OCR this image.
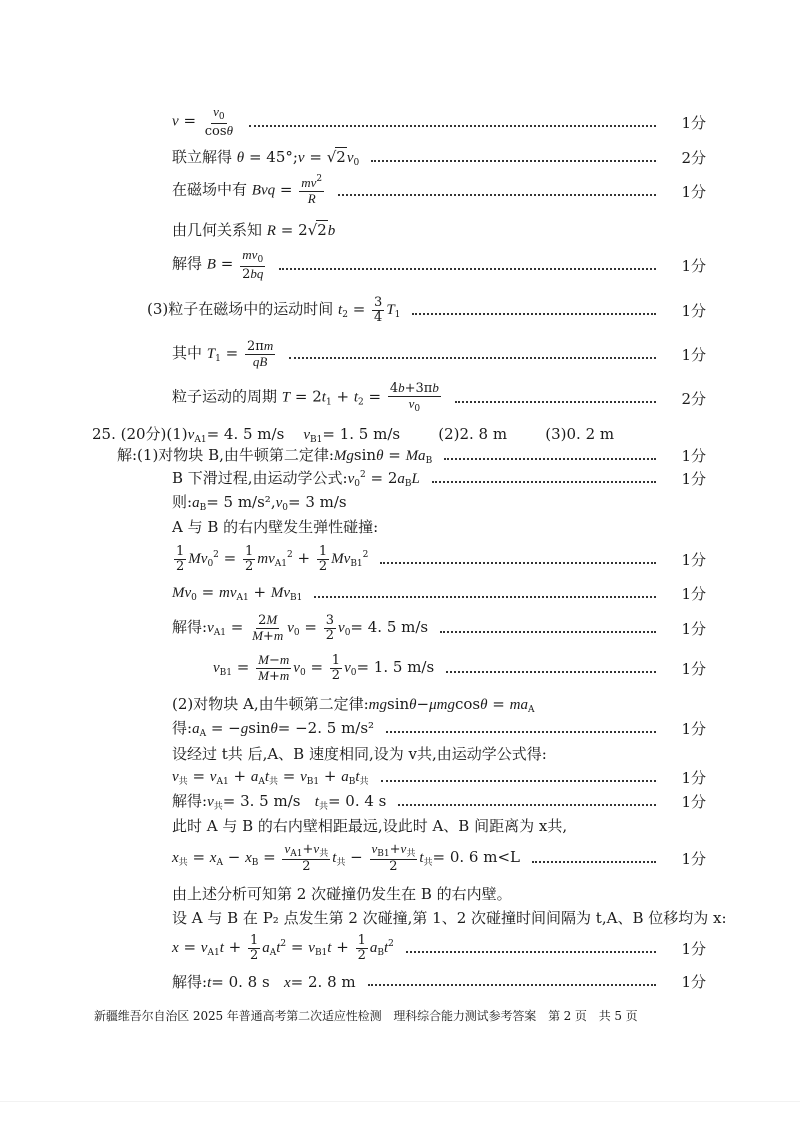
$v = \frac{v_0}{\cos\theta}$	1分
联立解得 θ = 45°;v = $√2v_0$	2分
在磁场中有 Bvq = $\frac{mv^2}{R}$	1分
由几何关系知 R = 2√2b
解得 $B = \frac{mv_0}{2bq}$	1分
(3)粒子在磁场中的运动时间 $t_2 = \frac{3}{4} T_1$	1分
其中 $T_1 = \frac{2\pi m}{qB}$	1分
粒子运动的周期 $T = 2t_1 + t_2 = \frac{4b+3\pi b}{v_0}$	2分
25. (20分)$(1)v_{A1}= 4$. 5 m/s $v_{B1}= 1$. 5 m/s	(2)2. 8 m	(3)0. 2 m
解:(1)对物块 B,由牛顿第二定律:Mgsinθ = $Ma_B$	1分
B 下滑过程,由运动学公式$:v_0^2 = 2a_BL$	1分
则$:a_B= 5$ $m/s^2,v_0= 3$ m/s
A 与 B 的右内壁发生弹性碰撞:
$\frac{1}{2} Mv_0^2 = \frac{1}{2} mv_{A1}^2 + \frac{1}{2} Mv_{B1}^2$	1分
$Mv_0 = mv_{A1} + Mv_{B1}$	1分
解得$:v_{A1} = \frac{2M}{M+m} v_0 = \frac{3}{2} v_0= 4$. 5 m/s	1分
$v_{B1} = \frac{M-m}{M+m} v_0 = \frac{1}{2} v_0= 1$. 5 m/s	1分
(2)对物块 A,由牛顿第二定律:mgsinθ−μmgcosθ = $ma_A$
得$:a_A = -gsin\theta= -2$. 5 m/s²	1分
设经过 t共 后,A、B 速度相同,设为 v共,由运动学公式得:
$v_共 = v_{A1} + a_At_共 = v_{B1} + a_Bt_共$	1分
解得$:v_共= 3$. 5 m/s $t_共= 0$. 4 s	1分
此时 A 与 B 的右内壁相距最远,设此时 A、B 间距离为 x共,
$x_共 = x_A - x_B = v_{A1}+v_共$
2
$t_共 - v_{B1}+v_共$
2
$t_共= 0$. 6 m<L	1分
由上述分析可知第 2 次碰撞仍发生在 B 的右内壁。
设 A 与 B 在 P₂ 点发生第 2 次碰撞,第 1、2 次碰撞时间间隔为 t,A、B 位移均为 x:
$x = v_{A1}t + \frac{1}{2} a_At^2 = v_{B1}t + \frac{1}{2} a_Bt^2$	1分
解得:t= 0. 8 s x= 2. 8 m	1分
新疆维吾尔自治区 2025 年普通高考第二次适应性检测　理科综合能力测试参考答案　第 2 页　共 5 页
